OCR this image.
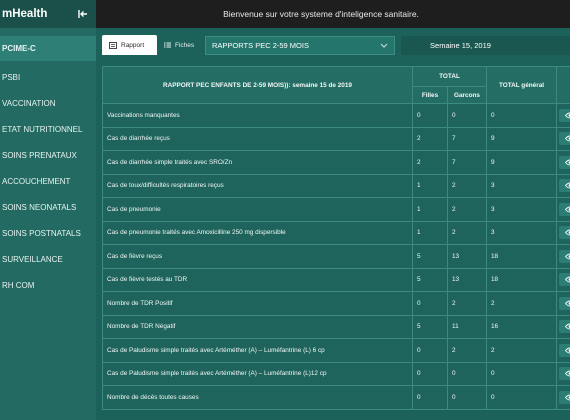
mHealth
PCIME-C
PSBI
VACCINATION
ETAT NUTRITIONNEL
SOINS PRENATAUX
ACCOUCHEMENT
SOINS NEONATALS
SOINS POSTNATALS
SURVEILLANCE
RH COM
Bienvenue sur votre systeme d'inteligence sanitaire.
Rapport	Fiches RAPPORTS PEC 2-59 MOIS	Semaine 15, 2019
RAPPORT PEC ENFANTS DE 2-59 MOIS)): semaine 15 de 2019	TOTAL		TOTAL général	
	Filles	Garcons		
Vaccinations manquantes	0	0	0	

Cas de diarrhée reçus	2	7	9	

Cas de diarrhée simple traités avec SRO/Zn	2	7	9	

Cas de toux/difficultés respiratoires reçus	1	2	3	

Cas de pneumonie	1	2	3	

Cas de pneumonie traités avec Amoxicilline 250 mg dispersible	1	2	3	

Cas de fièvre reçus	5	13	18	

Cas de fièvre testés au TDR	5	13	18	

Nombre de TDR Positif	0	2	2	

Nombre de TDR Négatif	5	11	16	

Cas de Paludisme simple traités avec Artéméther (A) – Luméfantrine (L) 6 cp	0	2	2	

Cas de Paludisme simple traités avec Artéméther (A) – Luméfantrine (L)12 cp	0	0	0	

Nombre de décès toutes causes	0	0	0	
